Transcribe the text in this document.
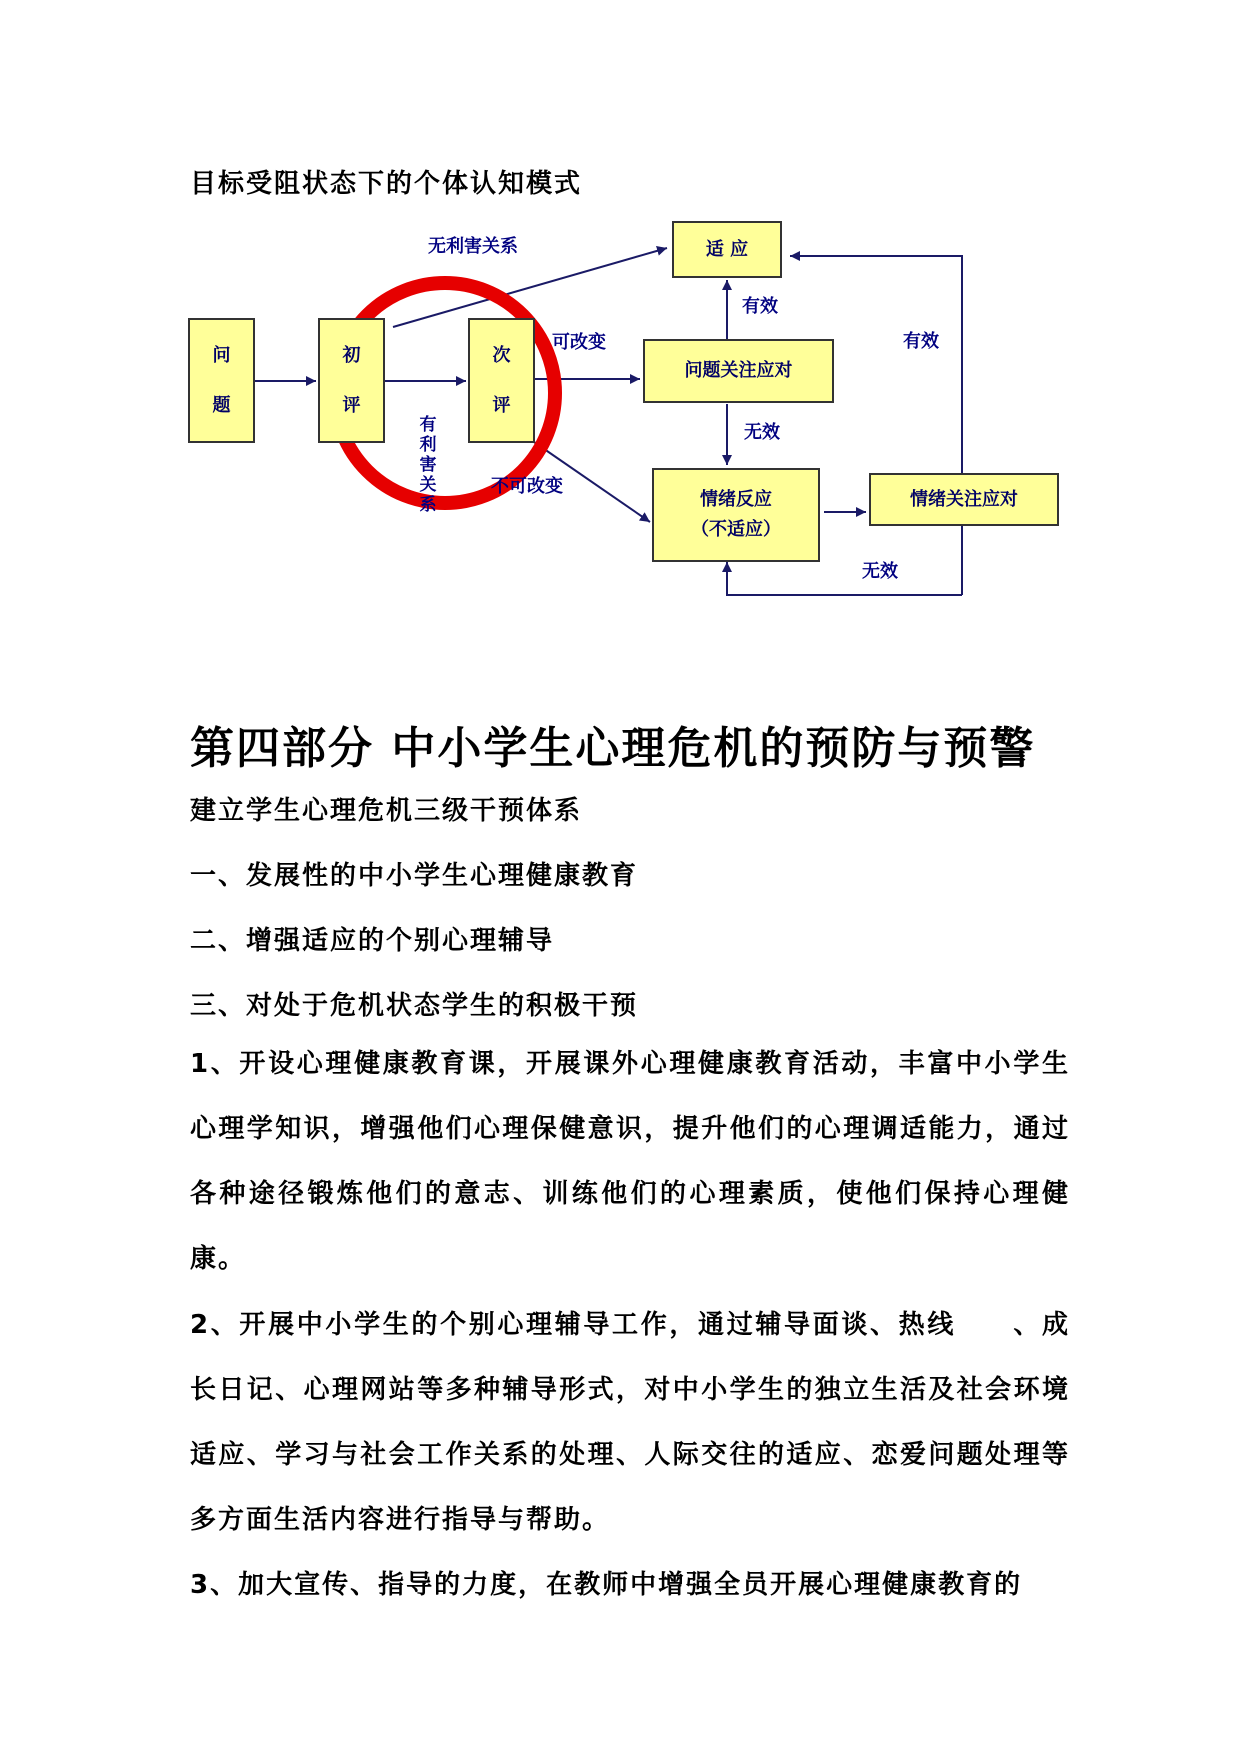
目标受阻状态下的个体认知模式
问
题
初
评
次
评
适 应
问题关注应对
情绪反应
（不适应）
情绪关注应对
无利害关系
可改变
不可改变
有效
有效
无效
无效
有利害关系
第四部分 中小学生心理危机的预防与预警
建立学生心理危机三级干预体系
一、发展性的中小学生心理健康教育
二、增强适应的个别心理辅导
三、对处于危机状态学生的积极干预
1、开设心理健康教育课，开展课外心理健康教育活动，丰富中小学生心理学知识，增强他们心理保健意识，提升他们的心理调适能力，通过各种途径锻炼他们的意志、训练他们的心理素质，使他们保持心理健康。
2、开展中小学生的个别心理辅导工作，通过辅导面谈、热线　　、成长日记、心理网站等多种辅导形式，对中小学生的独立生活及社会环境适应、学习与社会工作关系的处理、人际交往的适应、恋爱问题处理等多方面生活内容进行指导与帮助。
3、加大宣传、指导的力度，在教师中增强全员开展心理健康教育的
